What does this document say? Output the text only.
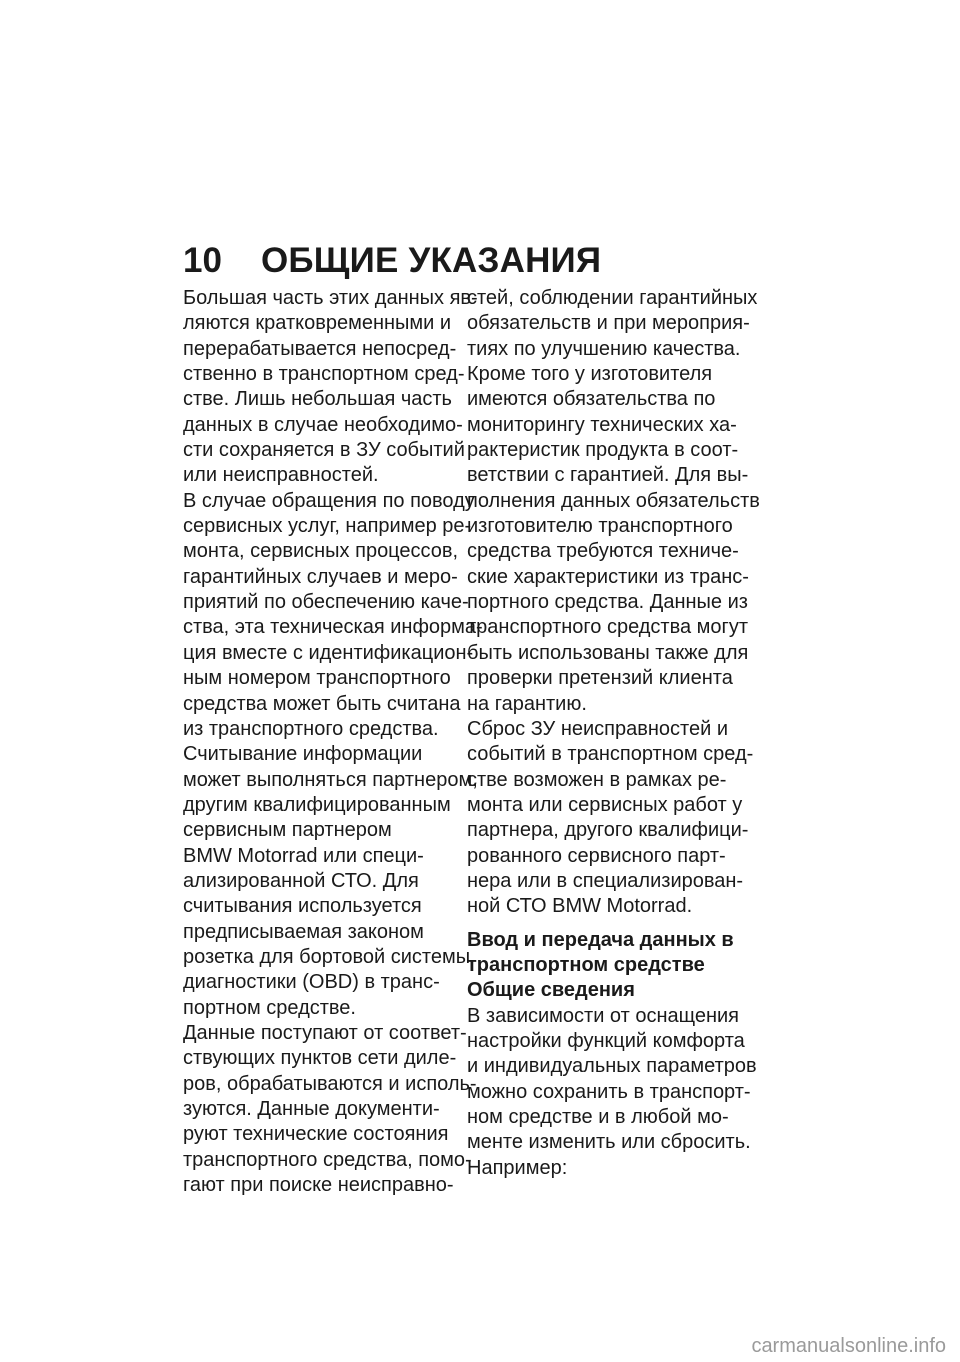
10 ОБЩИЕ УКАЗАНИЯ
Большая часть этих данных яв-
ляются кратковременными и
перерабатывается непосред-
ственно в транспортном сред-
стве. Лишь небольшая часть
данных в случае необходимо-
сти сохраняется в ЗУ событий
или неисправностей.
В случае обращения по поводу
сервисных услуг, например ре-
монта, сервисных процессов,
гарантийных случаев и меро-
приятий по обеспечению каче-
ства, эта техническая информа-
ция вместе с идентификацион-
ным номером транспортного
средства может быть считана
из транспортного средства.
Считывание информации
может выполняться партнером,
другим квалифицированным
сервисным партнером
BMW Motorrad или специ-
ализированной СТО. Для
считывания используется
предписываемая законом
розетка для бортовой системы
диагностики (OBD) в транс-
портном средстве.
Данные поступают от соответ-
ствующих пунктов сети диле-
ров, обрабатываются и исполь-
зуются. Данные документи-
руют технические состояния
транспортного средства, помо-
гают при поиске неисправно-
стей, соблюдении гарантийных
обязательств и при мероприя-
тиях по улучшению качества.
Кроме того у изготовителя
имеются обязательства по
мониторингу технических ха-
рактеристик продукта в соот-
ветствии с гарантией. Для вы-
полнения данных обязательств
изготовителю транспортного
средства требуются техниче-
ские характеристики из транс-
портного средства. Данные из
транспортного средства могут
быть использованы также для
проверки претензий клиента
на гарантию.
Сброс ЗУ неисправностей и
событий в транспортном сред-
стве возможен в рамках ре-
монта или сервисных работ у
партнера, другого квалифици-
рованного сервисного парт-
нера или в специализирован-
ной СТО BMW Motorrad.
Ввод и передача данных в
транспортном средстве
Общие сведения
В зависимости от оснащения
настройки функций комфорта
и индивидуальных параметров
можно сохранить в транспорт-
ном средстве и в любой мо-
менте изменить или сбросить.
Например:
carmanualsonline.info
